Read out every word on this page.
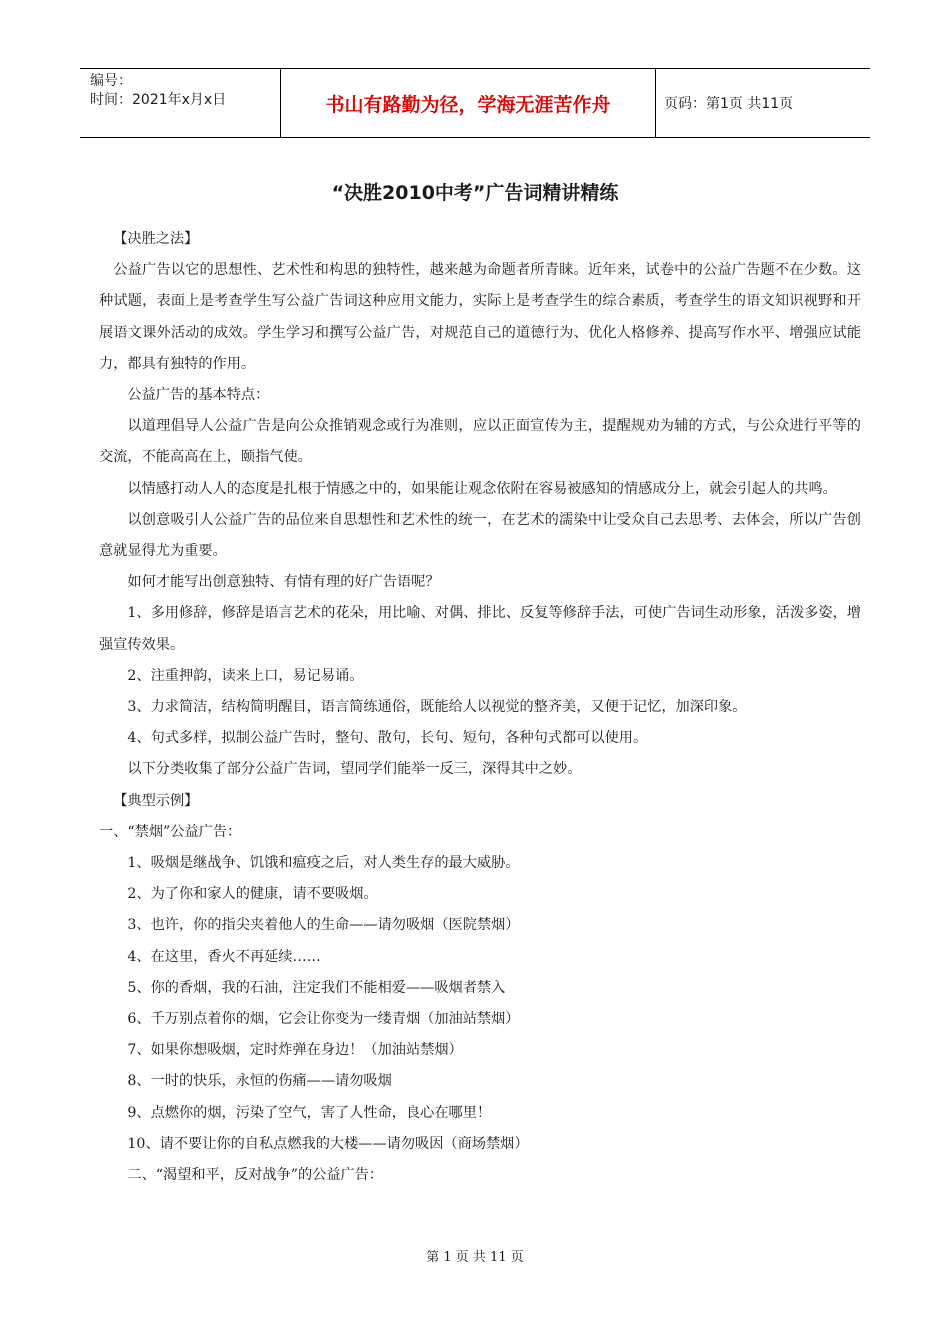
编号：
时间：2021年x月x日	书山有路勤为径，学海无涯苦作舟	页码：第1页 共11页
“决胜2010中考”广告词精讲精练

【决胜之法】

公益广告以它的思想性、艺术性和构思的独特性，越来越为命题者所青睐。近年来，试卷中的公益广告题不在少数。这种试题，表面上是考查学生写公益广告词这种应用文能力，实际上是考查学生的综合素质，考查学生的语文知识视野和开展语文课外活动的成效。学生学习和撰写公益广告，对规范自己的道德行为、优化人格修养、提高写作水平、增强应试能力，都具有独特的作用。

公益广告的基本特点：

以道理倡导人公益广告是向公众推销观念或行为准则，应以正面宣传为主，提醒规劝为辅的方式，与公众进行平等的交流，不能高高在上，颐指气使。

以情感打动人人的态度是扎根于情感之中的，如果能让观念依附在容易被感知的情感成分上，就会引起人的共鸣。

以创意吸引人公益广告的品位来自思想性和艺术性的统一，在艺术的濡染中让受众自己去思考、去体会，所以广告创意就显得尤为重要。

如何才能写出创意独特、有情有理的好广告语呢？

1、多用修辞，修辞是语言艺术的花朵，用比喻、对偶、排比、反复等修辞手法，可使广告词生动形象，活泼多姿，增强宣传效果。

2、注重押韵，读来上口，易记易诵。

3、力求简洁，结构简明醒目，语言简练通俗，既能给人以视觉的整齐美，又便于记忆，加深印象。

4、句式多样，拟制公益广告时，整句、散句，长句、短句，各种句式都可以使用。

以下分类收集了部分公益广告词，望同学们能举一反三，深得其中之妙。

【典型示例】

一、“禁烟”公益广告：

1、吸烟是继战争、饥饿和瘟疫之后，对人类生存的最大威胁。

2、为了你和家人的健康，请不要吸烟。

3、也许，你的指尖夹着他人的生命——请勿吸烟（医院禁烟）

4、在这里，香火不再延续……

5、你的香烟，我的石油，注定我们不能相爱——吸烟者禁入

6、千万别点着你的烟，它会让你变为一缕青烟（加油站禁烟）

7、如果你想吸烟，定时炸弹在身边！（加油站禁烟）

8、一时的快乐，永恒的伤痛——请勿吸烟

9、点燃你的烟，污染了空气，害了人性命，良心在哪里！

10、请不要让你的自私点燃我的大楼——请勿吸因（商场禁烟）

二、“渴望和平，反对战争”的公益广告：

第 1 页 共 11 页
